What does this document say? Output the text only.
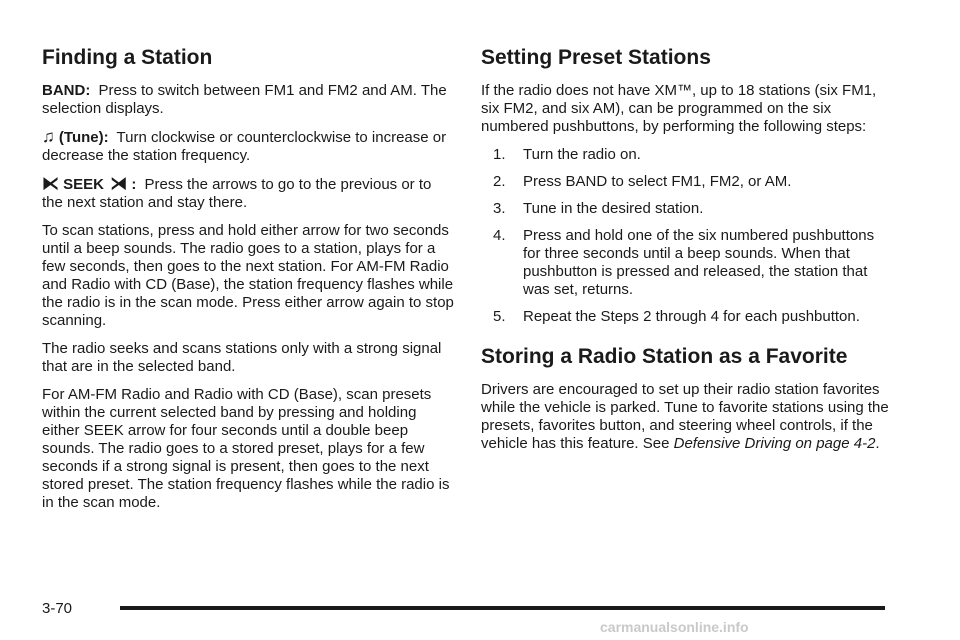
Finding a Station

BAND: Press to switch between FM1 and FM2 and AM. The selection displays.

♫ (Tune): Turn clockwise or counterclockwise to increase or decrease the station frequency.

⧔ SEEK ⧕ : Press the arrows to go to the previous or to the next station and stay there.

To scan stations, press and hold either arrow for two seconds until a beep sounds. The radio goes to a station, plays for a few seconds, then goes to the next station. For AM-FM Radio and Radio with CD (Base), the station frequency flashes while the radio is in the scan mode. Press either arrow again to stop scanning.

The radio seeks and scans stations only with a strong signal that are in the selected band.

For AM-FM Radio and Radio with CD (Base), scan presets within the current selected band by pressing and holding either SEEK arrow for four seconds until a double beep sounds. The radio goes to a stored preset, plays for a few seconds if a strong signal is present, then goes to the next stored preset. The station frequency flashes while the radio is in the scan mode.

Setting Preset Stations

If the radio does not have XM™, up to 18 stations (six FM1, six FM2, and six AM), can be programmed on the six numbered pushbuttons, by performing the following steps:

1. Turn the radio on.
2. Press BAND to select FM1, FM2, or AM.
3. Tune in the desired station.
4. Press and hold one of the six numbered pushbuttons for three seconds until a beep sounds. When that pushbutton is pressed and released, the station that was set, returns.
5. Repeat the Steps 2 through 4 for each pushbutton.
Storing a Radio Station as a Favorite

Drivers are encouraged to set up their radio station favorites while the vehicle is parked. Tune to favorite stations using the presets, favorites button, and steering wheel controls, if the vehicle has this feature. See Defensive Driving on page 4-2.

3-70
carmanualsonline.info
